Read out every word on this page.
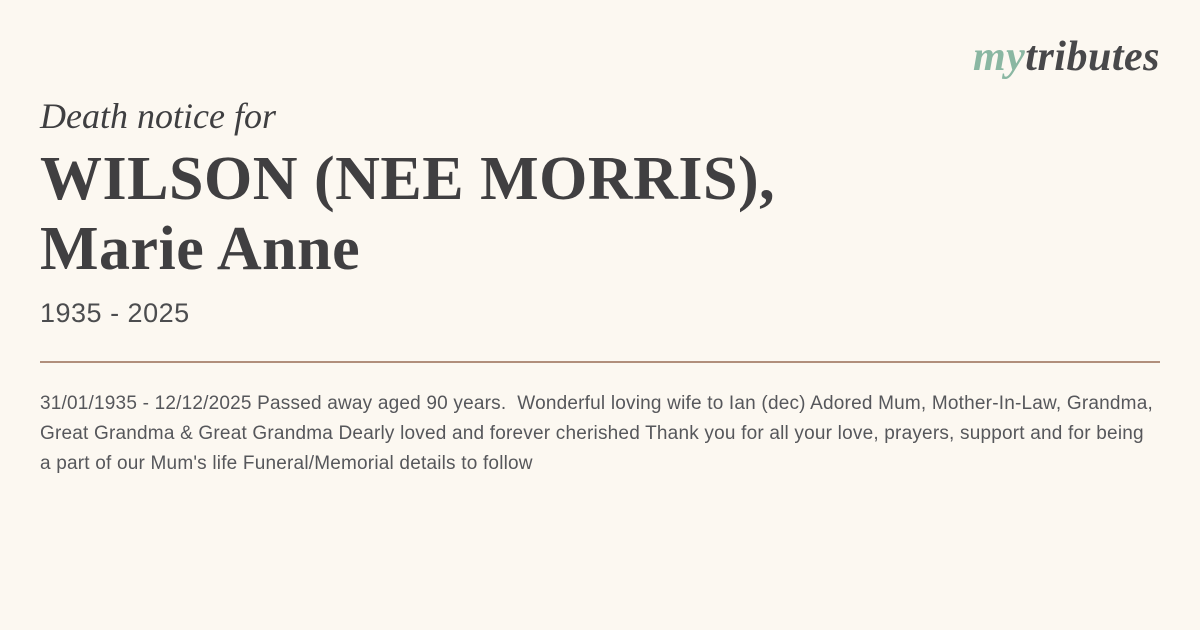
mytributes
Death notice for
WILSON (NEE MORRIS),
Marie Anne
1935 - 2025

31/01/1935 - 12/12/2025 Passed away aged 90 years.  Wonderful loving wife to Ian (dec) Adored Mum, Mother-In-Law, Grandma, Great Grandma & Great Grandma Dearly loved and forever cherished Thank you for all your love, prayers, support and for being a part of our Mum's life Funeral/Memorial details to follow
